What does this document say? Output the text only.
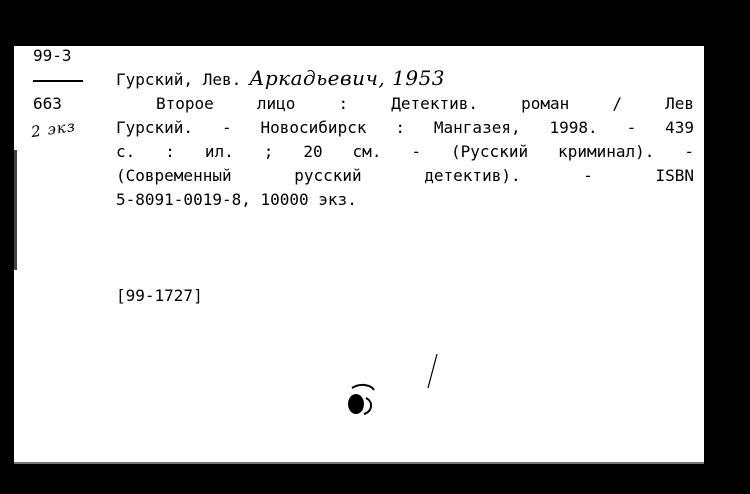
99-3
663
2 экз
Гурский, Лев. Аркадьевич, 1953
Второе лицо : Детектив. роман / Лев
Гурский. - Новосибирск : Мангазея, 1998. - 439
с. : ил. ; 20 см. - (Русский криминал). -
(Современный русский детектив). - ISBN
5-8091-0019-8, 10000 экз.
[99-1727]
